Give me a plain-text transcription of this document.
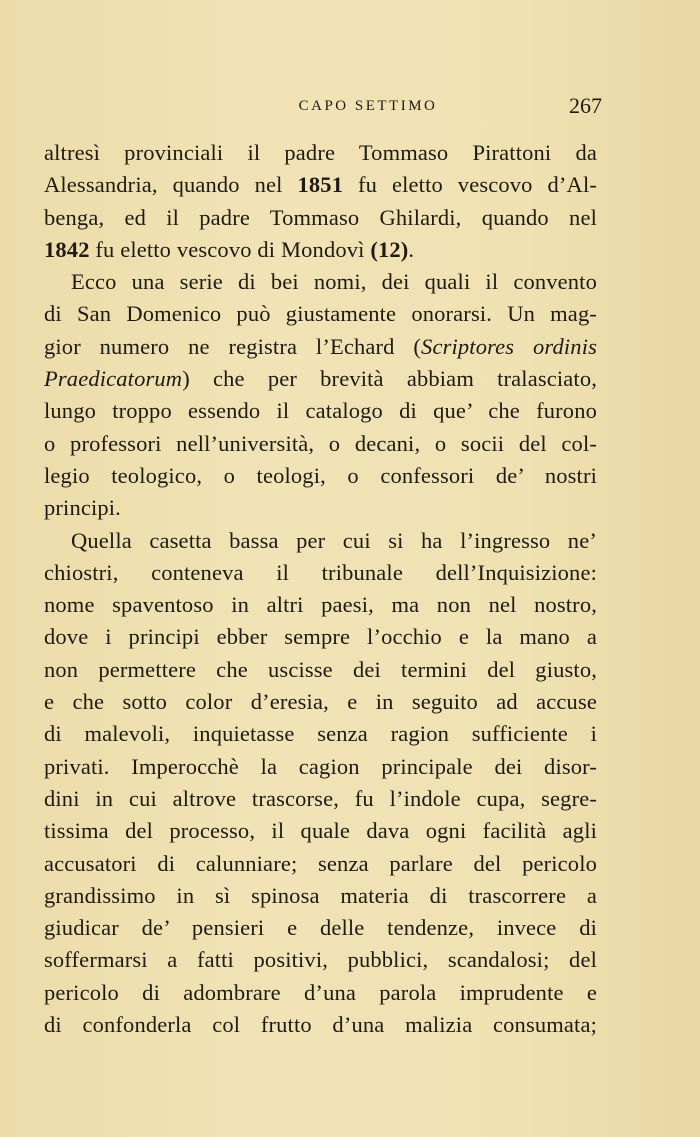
CAPO SETTIMO	267
altresì provinciali il padre Tommaso Pirattoni da
Alessandria, quando nel 1851 fu eletto vescovo d’Al-
benga, ed il padre Tommaso Ghilardi, quando nel
1842 fu eletto vescovo di Mondovì (12).
Ecco una serie di bei nomi, dei quali il convento
di San Domenico può giustamente onorarsi. Un mag-
gior numero ne registra l’Echard (Scriptores ordinis
Praedicatorum) che per brevità abbiam tralasciato,
lungo troppo essendo il catalogo di que’ che furono
o professori nell’università, o decani, o socii del col-
legio teologico, o teologi, o confessori de’ nostri
principi.
Quella casetta bassa per cui si ha l’ingresso ne’
chiostri, conteneva il tribunale dell’Inquisizione:
nome spaventoso in altri paesi, ma non nel nostro,
dove i principi ebber sempre l’occhio e la mano a
non permettere che uscisse dei termini del giusto,
e che sotto color d’eresia, e in seguito ad accuse
di malevoli, inquietasse senza ragion sufficiente i
privati. Imperocchè la cagion principale dei disor-
dini in cui altrove trascorse, fu l’indole cupa, segre-
tissima del processo, il quale dava ogni facilità agli
accusatori di calunniare; senza parlare del pericolo
grandissimo in sì spinosa materia di trascorrere a
giudicar de’ pensieri e delle tendenze, invece di
soffermarsi a fatti positivi, pubblici, scandalosi; del
pericolo di adombrare d’una parola imprudente e
di confonderla col frutto d’una malizia consumata;
